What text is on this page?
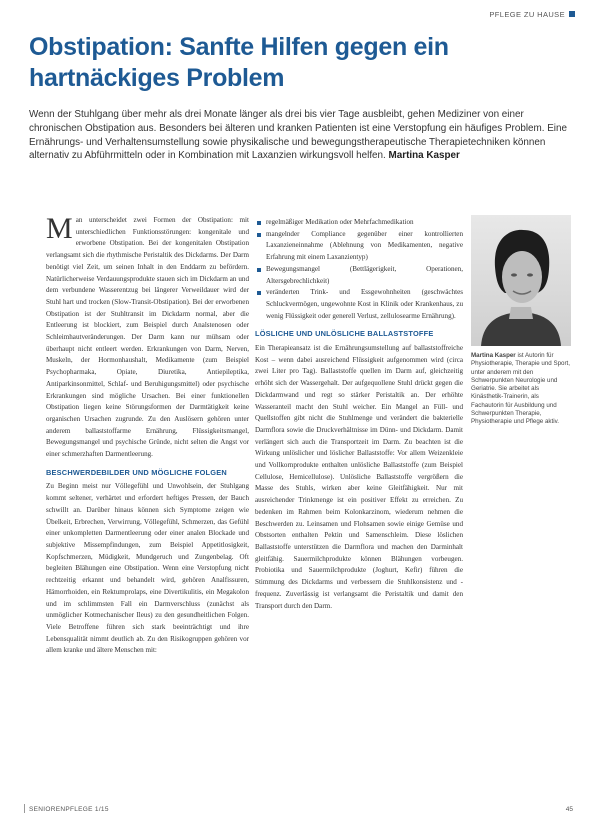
PFLEGE ZU HAUSE
Obstipation: Sanfte Hilfen gegen ein hartnäckiges Problem
Wenn der Stuhlgang über mehr als drei Monate länger als drei bis vier Tage ausbleibt, gehen Mediziner von einer chronischen Obstipation aus. Besonders bei älteren und kranken Patienten ist eine Verstopfung ein häufiges Problem. Eine Ernährungs- und Verhaltensumstellung sowie physikalische und bewegungstherapeutische Therapietechniken können alternativ zu Abführmitteln oder in Kombination mit Laxanzien wirkungsvoll helfen. Martina Kasper
M an unterscheidet zwei Formen der Obstipation: mit unterschiedlichen Funktionsstörungen: kongenitale und erworbene Obstipation. Bei der kongenitalen Obstipation verlangsamt sich die rhythmische Peristaltik des Dickdarms. Der Darm benötigt viel Zeit, um seinen Inhalt in den Enddarm zu befördern. Natürlicherweise Verdauungsprodukte stauen sich im Dickdarm an und dem verbundene Wasserentzug bei längerer Verweildauer wird der Stuhl hart und trocken (Slow-Transit-Obstipation). Bei der erworbenen Obstipation ist der Stuhltransit im Dickdarm normal, aber die Entleerung ist blockiert, zum Beispiel durch Analstenosen oder Schleimhautveränderungen. Der Darm kann nur mühsam oder überhaupt nicht entleert werden. Erkrankungen von Darm, Nerven, Muskeln, der Hormonhaushalt, Medikamente (zum Beispiel Psychopharmaka, Opiate, Diuretika, Antiepileptika, Antiparkinsonmittel, Schlaf- und Beruhigungsmittel) oder psychische Erkrankungen sind mögliche Ursachen. Bei einer funktionellen Obstipation liegen keine Störungsformen der Darmtätigkeit keine organischen Ursachen zugrunde. Zu den Auslösern gehören unter anderem ballaststoffarme Ernährung, Flüssigkeitsmangel, Bewegungsmangel und psychische Gründe, nicht selten die Angst vor einer schmerzhaften Darmentleerung.

BESCHWERDEBILDER UND MÖGLICHE FOLGEN

Zu Beginn meist nur Völlegefühl und Unwohlsein, der Stuhlgang kommt seltener, verhärtet und erfordert heftiges Pressen, der Bauch schwillt an. Darüber hinaus können sich Symptome zeigen wie Übelkeit, Erbrechen, Verwirrung, Völlegefühl, Schmerzen, das Gefühl einer unkompletten Darmentleerung oder einer analen Blockade und subjektive Missempfindungen, zum Beispiel Appetitlosigkeit, Kopfschmerzen, Müdigkeit, Mundgeruch und Zungenbelag. Oft begleiten Blähungen eine Obstipation. Wenn eine Verstopfung nicht rechtzeitig erkannt und behandelt wird, gehören Analfissuren, Hämorrhoiden, ein Rektumprolaps, eine Divertikulitis, ein Megakolon und im schlimmsten Fall ein Darmverschluss (zunächst als unmöglicher Kotmechanischer Ileus) zu den gesundheitlichen Folgen. Viele Betroffene führen sich stark beeinträchtigt und ihre Lebensqualität nimmt deutlich ab. Zu den Risikogruppen gehören vor allem kranke und ältere Menschen mit:

regelmäßiger Medikation oder Mehrfachmedikation
mangelnder Compliance gegenüber einer kontrollierten Laxanzieneinnahme (Ablehnung von Medikamenten, negative Erfahrung mit einem Laxanzientyp)
Bewegungsmangel (Bettlägerigkeit, Operationen, Altersgebrechlichkeit)
veränderten Trink- und Essgewohnheiten (geschwächtes Schluckvermögen, ungewohnte Kost in Klinik oder Krankenhaus, zu wenig Flüssigkeit oder generell Verlust, zellulosearme Ernährung).
LÖSLICHE UND UNLÖSLICHE BALLASTSTOFFE

Ein Therapieansatz ist die Ernährungsumstellung auf ballaststoffreiche Kost – wenn dabei ausreichend Flüssigkeit aufgenommen wird (circa zwei Liter pro Tag). Ballaststoffe quellen im Darm auf, gleichzeitig erhöht sich der Wassergehalt. Der aufgequollene Stuhl drückt gegen die Dickdarmwand und regt so stärker Peristaltik an. Der erhöhte Wasseranteil macht den Stuhl weicher. Ein Mangel an Füll- und Quellstoffen gibt nicht die Stuhlmenge und verändert die bakterielle Darmflora sowie die Druckverhältnisse im Dünn- und Dickdarm. Damit verlängert sich auch die Transportzeit im Darm. Zu beachten ist die Wirkung unlöslicher und löslicher Ballaststoffe: Vor allem Weizenkleie und Vollkornprodukte enthalten unlösliche Ballaststoffe (zum Beispiel Cellulose, Hemicellulose). Unlösliche Ballaststoffe vergrößern die Masse des Stuhls, wirken aber keine Gleitfähigkeit. Nur mit ausreichender Trinkmenge ist ein positiver Effekt zu erreichen. Zu bedenken im Rahmen beim Kolonkarzinom, wiederum nehmen die Beschwerden zu. Leinsamen und Flohsamen sowie einige Gemüse und Obstsorten enthalten Pektin und Samenschleim. Diese löslichen Ballaststoffe unterstützen die Darmflora und machen den Darminhalt gleitfähig. Sauermilchprodukte können Blähungen vorbeugen. Probiotika und Sauermilchprodukte (Joghurt, Kefir) führen die Stimmung des Dickdarms und verbessern die Stuhlkonsistenz und -frequenz. Zuverlässig ist verlangsamt die Peristaltik und damit den Transport durch den Darm.

Martina Kasper ist Autorin für Physiotherapie, Therapie und Sport, unter anderem mit den Schwerpunkten Neurologie und Geriatrie. Sie arbeitet als Kinästhetik-Trainerin, als Fachautorin für Ausbildung und Schwerpunkten Therapie, Physiotherapie und Pflege aktiv.
SENIORENPFLEGE 1/15	45
